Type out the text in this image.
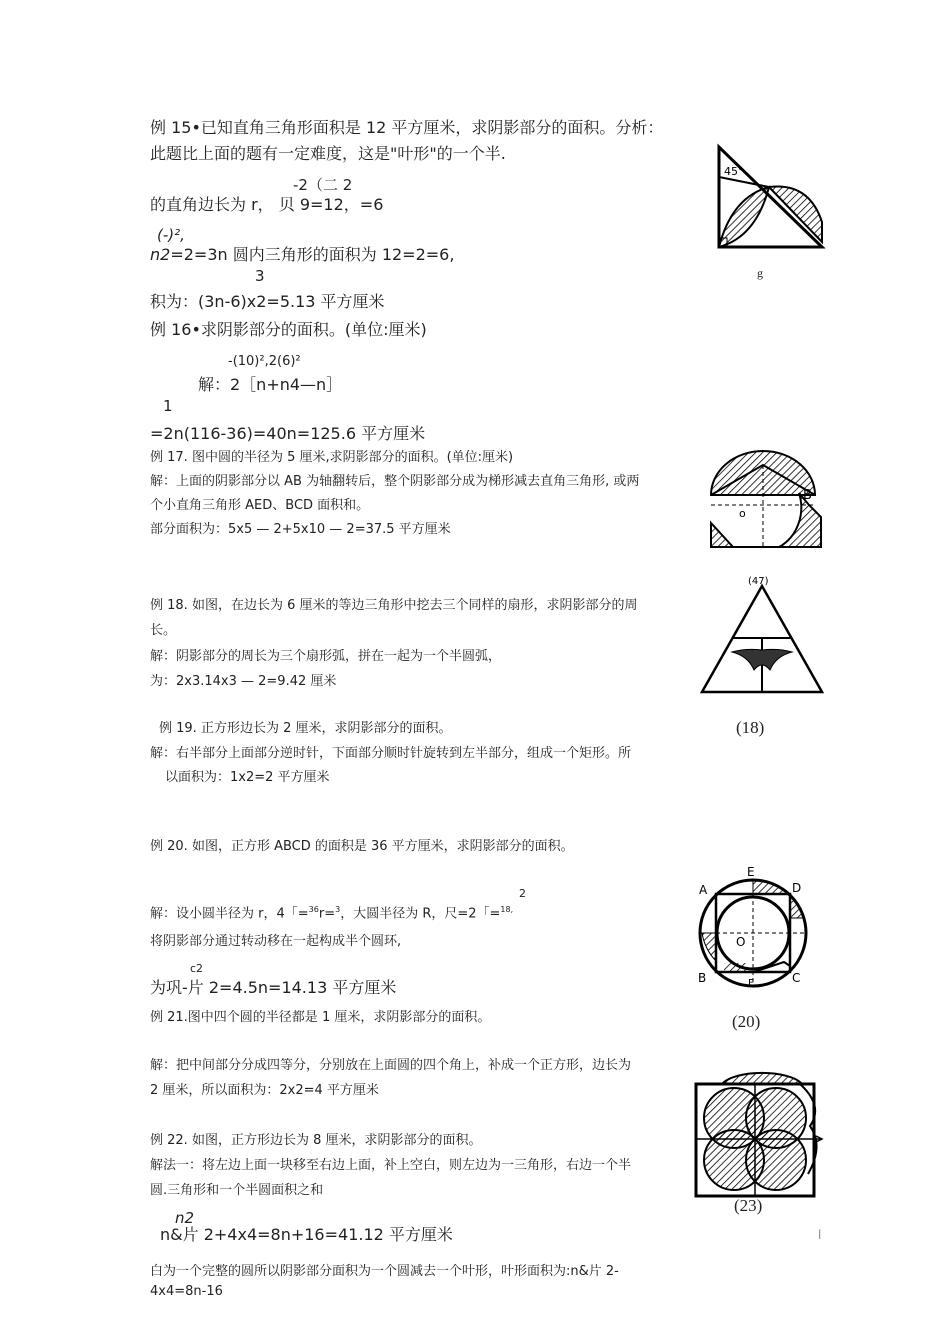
例 15•已知直角三角形面积是 12 平方厘米，求阴影部分的面积。分析：
此题比上面的题有一定难度，这是"叶形"的一个半.
-2（二 2
的直角边长为 r， 贝 9=12，=6
(-)²,
n2=2=3n 圆内三角形的面积为 12=2=6,
3
积为：(3n-6)x2=5.13 平方厘米
例 16•求阴影部分的面积。(单位:厘米)
-(10)²,2(6)²
解：2［n+n4—n］
1
=2n(116-36)=40n=125.6 平方厘米
例 17. 图中圆的半径为 5 厘米,求阴影部分的面积。(单位:厘米)
解：上面的阴影部分以 AB 为轴翻转后，整个阴影部分成为梯形减去直角三角形, 或两
个小直角三角形 AED、BCD 面积和。
部分面积为：5x5 — 2+5x10 — 2=37.5 平方厘米
例 18. 如图，在边长为 6 厘米的等边三角形中挖去三个同样的扇形，求阴影部分的周
长。
解：阴影部分的周长为三个扇形弧，拼在一起为一个半圆弧，
为：2x3.14x3 — 2=9.42 厘米
例 19. 正方形边长为 2 厘米，求阴影部分的面积。
解：右半部分上面部分逆时针，下面部分顺时针旋转到左半部分，组成一个矩形。所
以面积为：1x2=2 平方厘米
例 20. 如图，正方形 ABCD 的面积是 36 平方厘米，求阴影部分的面积。
2
解：设小圆半径为 r，4「=$^{36}$r=$^3$，大圆半径为 R，尺=2「=$^{18,}$
将阴影部分通过转动移在一起构成半个圆环,
c2
为巩-片 2=4.5n=14.13 平方厘米
例 21.图中四个圆的半径都是 1 厘米，求阴影部分的面积。
解：把中间部分分成四等分，分别放在上面圆的四个角上，补成一个正方形，边长为
2 厘米，所以面积为：2x2=4 平方厘米
例 22. 如图，正方形边长为 8 厘米，求阴影部分的面积。
解法一：将左边上面一块移至右边上面，补上空白，则左边为一三角形，右边一个半
圆.三角形和一个半圆面积之和
n2
n&片 2+4x4=8n+16=41.12 平方厘米
白为一个完整的圆所以阴影部分面积为一个圆减去一个叶形，叶形面积为:n&片 2-
4x4=8n-16
45°
g
B
o
(47)
(18)
E
A	D
O
B	C
F
(20)
(23)
l
